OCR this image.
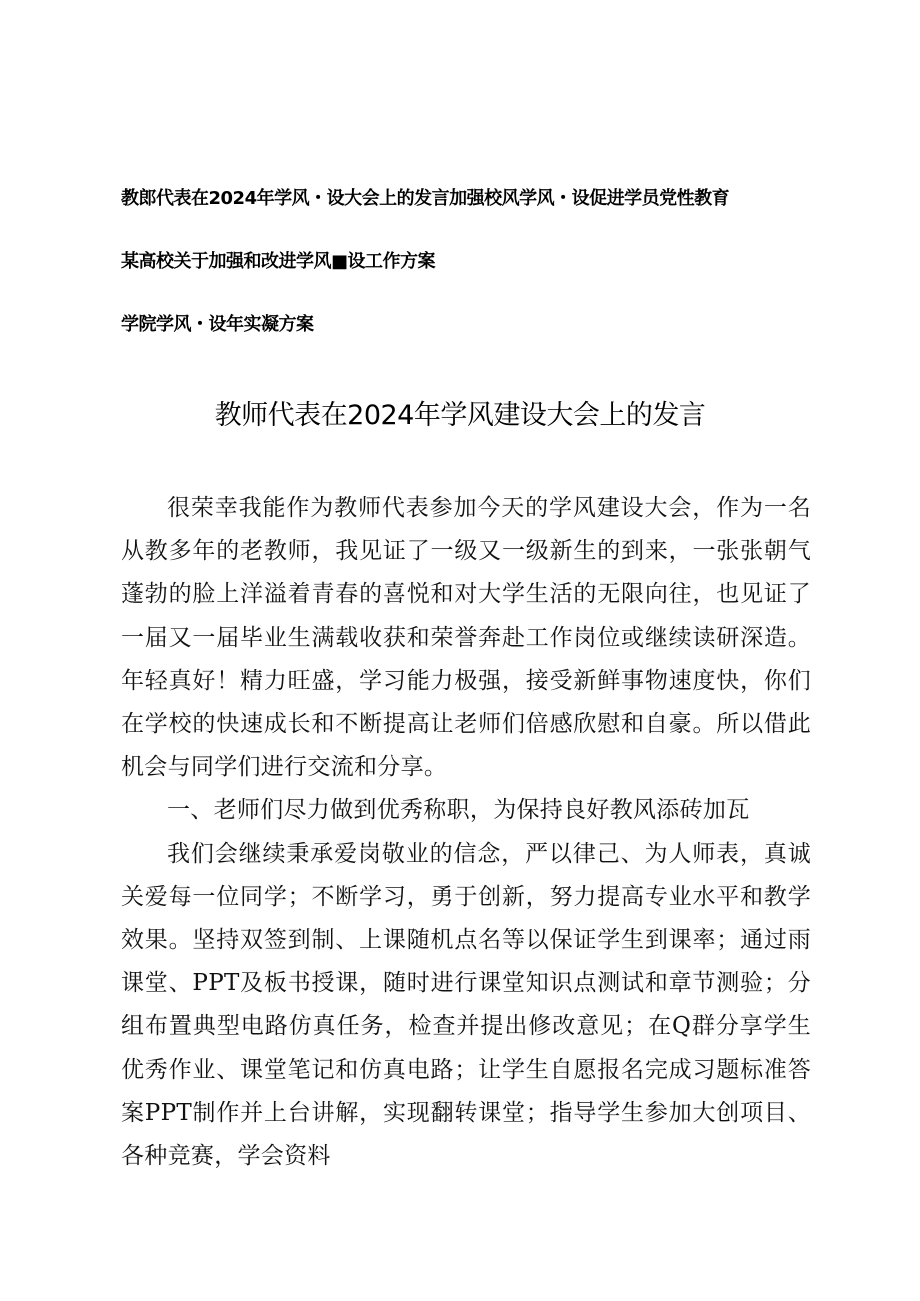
教郎代表在2024年学风・设大会上的发言加强校风学风・设促进学员党性教育
某高校关于加强和改进学风■设工作方案
学院学风・设年实凝方案
教师代表在2024年学风建设大会上的发言

很荣幸我能作为教师代表参加今天的学风建设大会，作为一名从教多年的老教师，我见证了一级又一级新生的到来，一张张朝气蓬勃的脸上洋溢着青春的喜悦和对大学生活的无限向往，也见证了一届又一届毕业生满载收获和荣誉奔赴工作岗位或继续读研深造。年轻真好！精力旺盛，学习能力极强，接受新鲜事物速度快，你们在学校的快速成长和不断提高让老师们倍感欣慰和自豪。所以借此机会与同学们进行交流和分享。

一、老师们尽力做到优秀称职，为保持良好教风添砖加瓦

我们会继续秉承爱岗敬业的信念，严以律己、为人师表，真诚关爱每一位同学；不断学习，勇于创新，努力提高专业水平和教学效果。坚持双签到制、上课随机点名等以保证学生到课率；通过雨课堂、PPT及板书授课，随时进行课堂知识点测试和章节测验；分组布置典型电路仿真任务，检查并提出修改意见；在Q群分享学生优秀作业、课堂笔记和仿真电路；让学生自愿报名完成习题标准答案PPT制作并上台讲解，实现翻转课堂；指导学生参加大创项目、各种竞赛，学会资料
